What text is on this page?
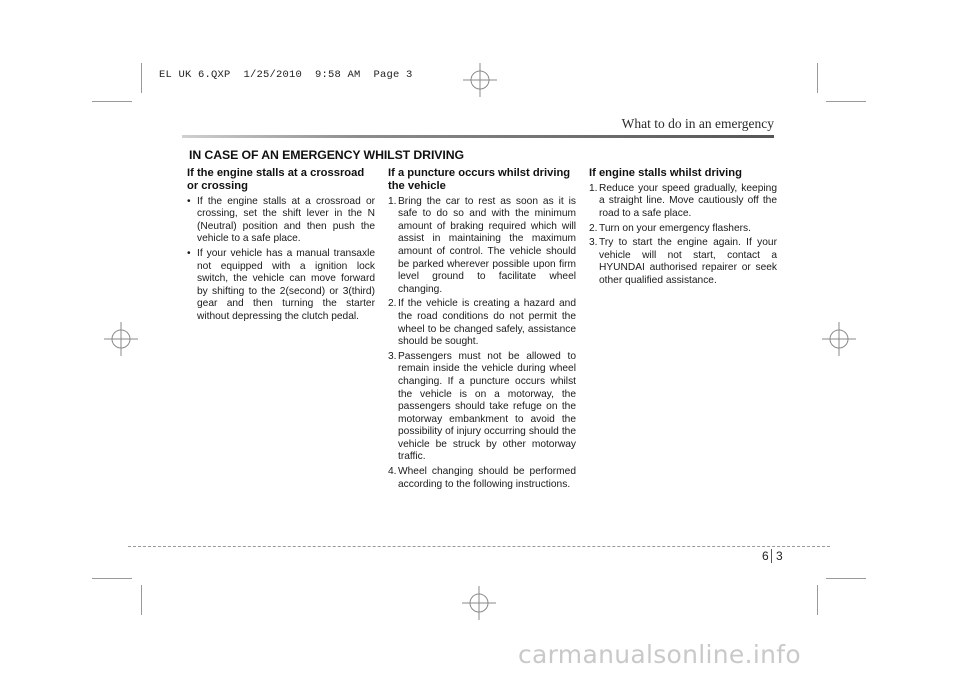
EL UK 6.QXP  1/25/2010  9:58 AM  Page 3
What to do in an emergency
IN CASE OF AN EMERGENCY WHILST DRIVING
If the engine stalls at a crossroad or crossing
• If the engine stalls at a crossroad or crossing, set the shift lever in the N (Neutral) position and then push the vehicle to a safe place.
• If your vehicle has a manual transaxle not equipped with a ignition lock switch, the vehicle can move forward by shifting to the 2(second) or 3(third) gear and then turning the starter without depressing the clutch pedal.
If a puncture occurs whilst driving the vehicle
1. Bring the car to rest as soon as it is safe to do so and with the minimum amount of braking required which will assist in maintaining the maximum amount of control. The vehicle should be parked wherever possible upon firm level ground to facilitate wheel changing.
2. If the vehicle is creating a hazard and the road conditions do not permit the wheel to be changed safely, assistance should be sought.
3. Passengers must not be allowed to remain inside the vehicle during wheel changing. If a puncture occurs whilst the vehicle is on a motorway, the passengers should take refuge on the motorway embankment to avoid the possibility of injury occurring should the vehicle be struck by other motorway traffic.
4. Wheel changing should be performed according to the following instructions.
If engine stalls whilst driving
1. Reduce your speed gradually, keeping a straight line. Move cautiously off the road to a safe place.
2. Turn on your emergency flashers.
3. Try to start the engine again. If your vehicle will not start, contact a HYUNDAI authorised repairer or seek other qualified assistance.
6 3
carmanualsonline.info
